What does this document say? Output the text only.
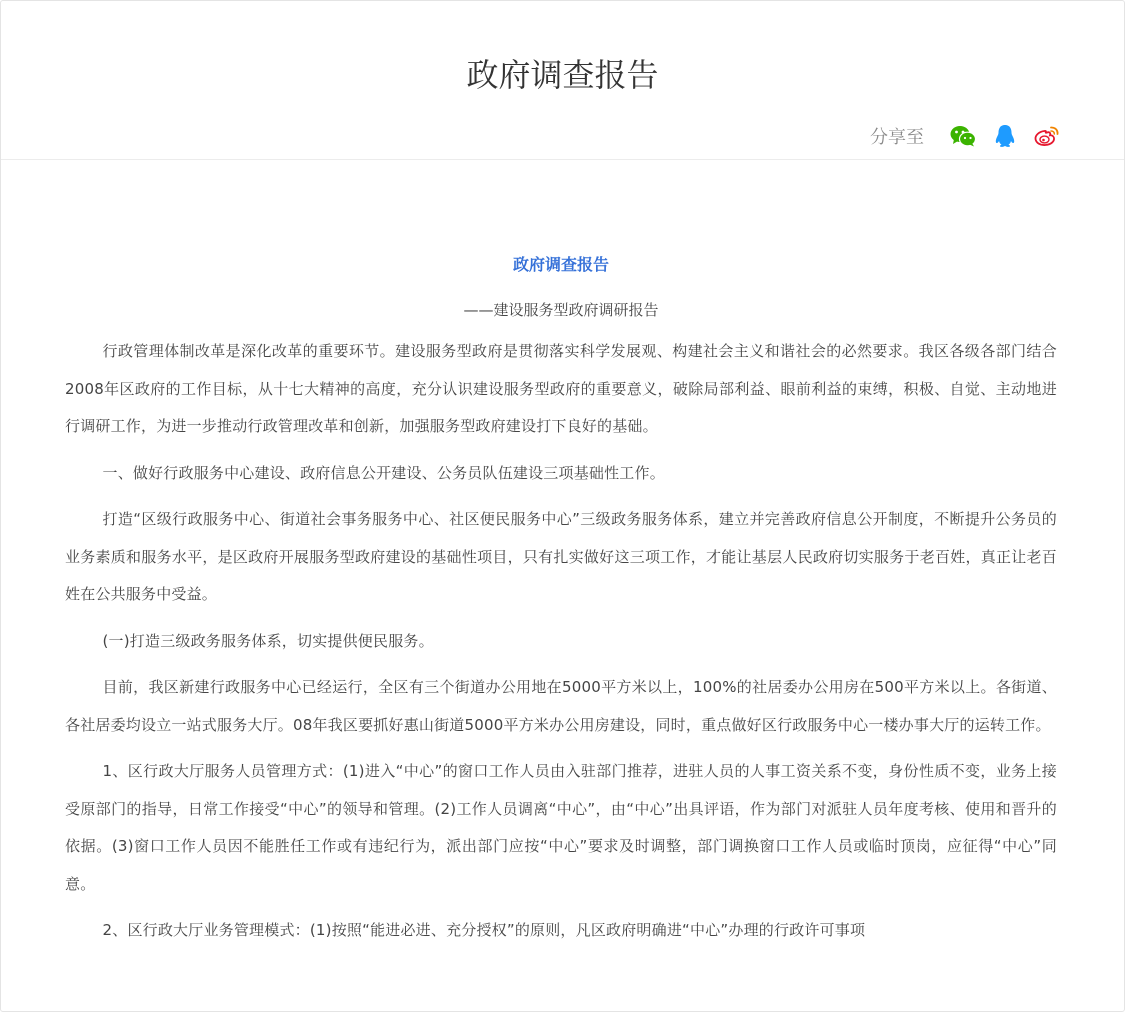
政府调查报告
分享至
政府调查报告

——建设服务型政府调研报告

行政管理体制改革是深化改革的重要环节。建设服务型政府是贯彻落实科学发展观、构建社会主义和谐社会的必然要求。我区各级各部门结合2008年区政府的工作目标，从十七大精神的高度，充分认识建设服务型政府的重要意义，破除局部利益、眼前利益的束缚，积极、自觉、主动地进行调研工作，为进一步推动行政管理改革和创新，加强服务型政府建设打下良好的基础。

一、做好行政服务中心建设、政府信息公开建设、公务员队伍建设三项基础性工作。

打造“区级行政服务中心、街道社会事务服务中心、社区便民服务中心”三级政务服务体系，建立并完善政府信息公开制度，不断提升公务员的业务素质和服务水平，是区政府开展服务型政府建设的基础性项目，只有扎实做好这三项工作，才能让基层人民政府切实服务于老百姓，真正让老百姓在公共服务中受益。

(一)打造三级政务服务体系，切实提供便民服务。

目前，我区新建行政服务中心已经运行，全区有三个街道办公用地在5000平方米以上，100%的社居委办公用房在500平方米以上。各街道、各社居委均设立一站式服务大厅。08年我区要抓好惠山街道5000平方米办公用房建设，同时，重点做好区行政服务中心一楼办事大厅的运转工作。

1、区行政大厅服务人员管理方式：(1)进入“中心”的窗口工作人员由入驻部门推荐，进驻人员的人事工资关系不变，身份性质不变，业务上接受原部门的指导，日常工作接受“中心”的领导和管理。(2)工作人员调离“中心”，由“中心”出具评语，作为部门对派驻人员年度考核、使用和晋升的依据。(3)窗口工作人员因不能胜任工作或有违纪行为，派出部门应按“中心”要求及时调整，部门调换窗口工作人员或临时顶岗，应征得“中心”同意。

2、区行政大厅业务管理模式：(1)按照“能进必进、充分授权”的原则，凡区政府明确进“中心”办理的行政许可事项
